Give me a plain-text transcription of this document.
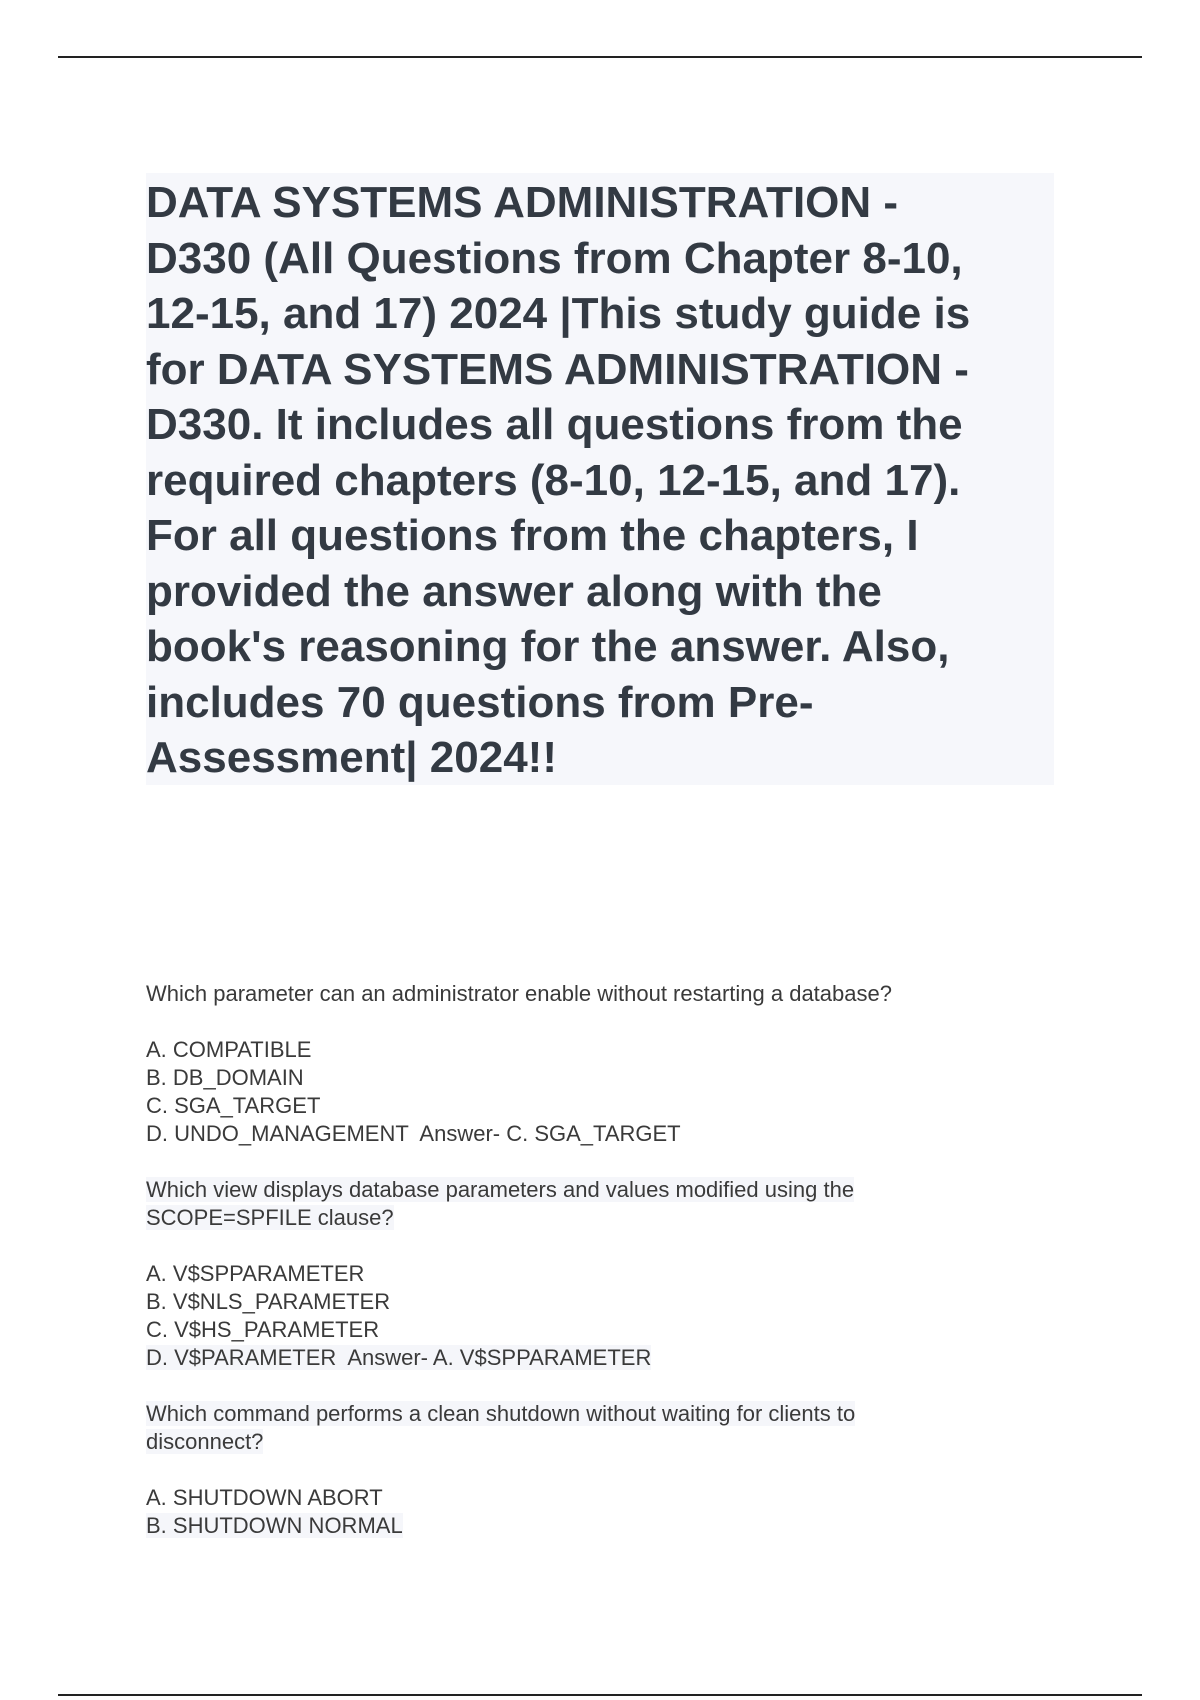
DATA SYSTEMS ADMINISTRATION -
D330 (All Questions from Chapter 8-10,
12-15, and 17) 2024 |This study guide is
for DATA SYSTEMS ADMINISTRATION -
D330. It includes all questions from the
required chapters (8-10, 12-15, and 17).
For all questions from the chapters, I
provided the answer along with the
book's reasoning for the answer. Also,
includes 70 questions from Pre-
Assessment| 2024!!

Which parameter can an administrator enable without restarting a database?

A. COMPATIBLE
B. DB_DOMAIN
C. SGA_TARGET
D. UNDO_MANAGEMENT Answer- C. SGA_TARGET

Which view displays database parameters and values modified using the
SCOPE=SPFILE clause?

A. V$SPPARAMETER
B. V$NLS_PARAMETER
C. V$HS_PARAMETER
D. V$PARAMETER Answer- A. V$SPPARAMETER

Which command performs a clean shutdown without waiting for clients to
disconnect?

A. SHUTDOWN ABORT
B. SHUTDOWN NORMAL
